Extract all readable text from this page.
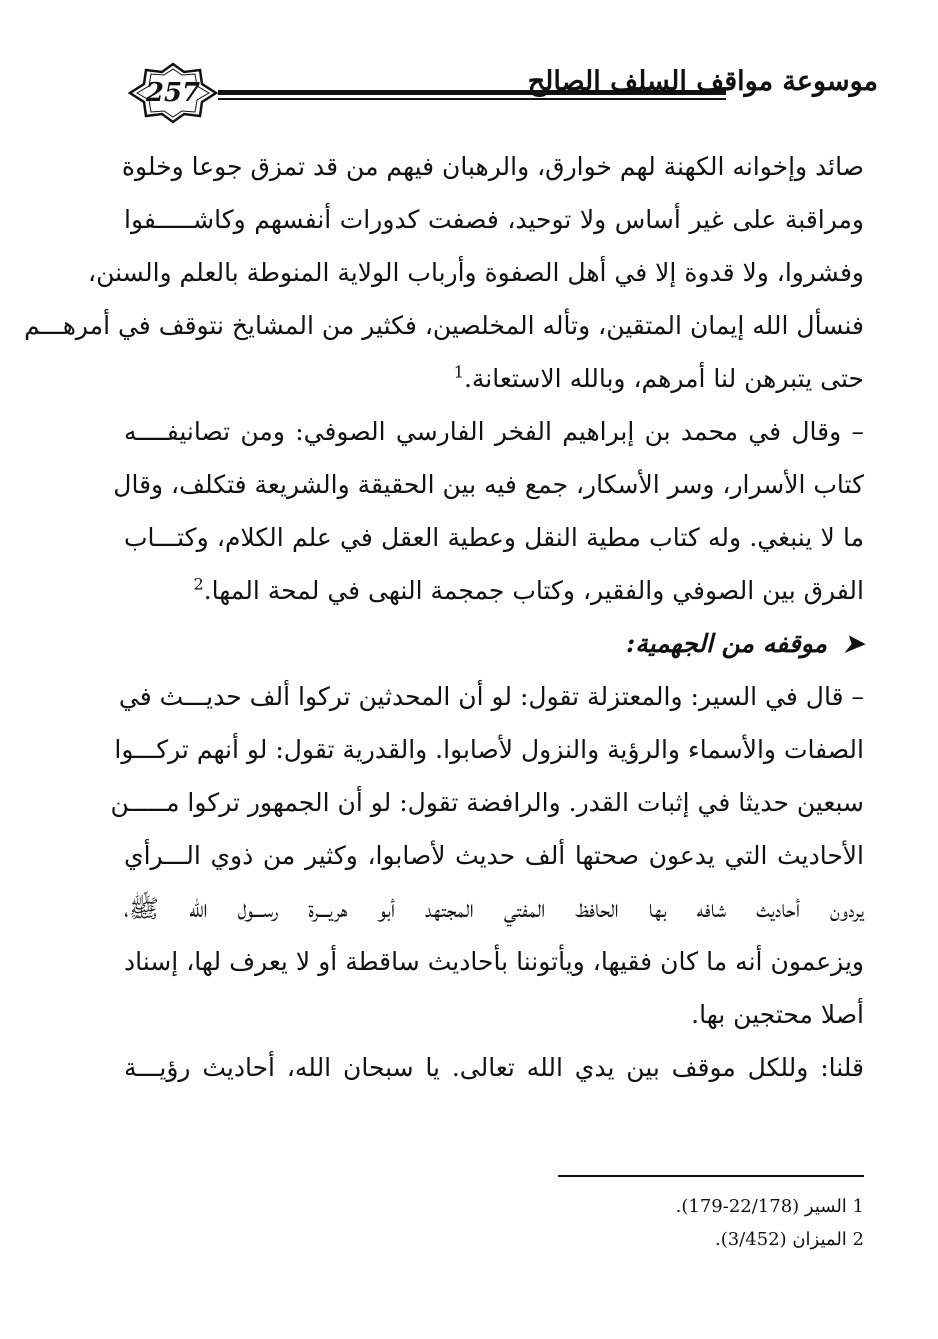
257	موسوعة مواقف السلف الصالح
صائد وإخوانه الكهنة لهم خوارق، والرهبان فيهم من قد تمزق جوعا وخلوة
ومراقبة على غير أساس ولا توحيد، فصفت كدورات أنفسهم وكاشـــــفوا
وفشروا، ولا قدوة إلا في أهل الصفوة وأرباب الولاية المنوطة بالعلم والسنن،
فنسأل الله إيمان المتقين، وتأله المخلصين، فكثير من المشايخ نتوقف في أمرهـــم
حتى يتبرهن لنا أمرهم، وبالله الاستعانة.$^1$
– وقال في محمد بن إبراهيم الفخر الفارسي الصوفي: ومن تصانيفــــه
كتاب الأسرار، وسر الأسكار، جمع فيه بين الحقيقة والشريعة فتكلف، وقال
ما لا ينبغي. وله كتاب مطية النقل وعطية العقل في علم الكلام، وكتـــاب
الفرق بين الصوفي والفقير، وكتاب جمجمة النهى في لمحة المها.$^2$
➤موقفه من الجهمية:
– قال في السير: والمعتزلة تقول: لو أن المحدثين تركوا ألف حديـــث في
الصفات والأسماء والرؤية والنزول لأصابوا. والقدرية تقول: لو أنهم تركـــوا
سبعين حديثا في إثبات القدر. والرافضة تقول: لو أن الجمهور تركوا مـــــن
الأحاديث التي يدعون صحتها ألف حديث لأصابوا، وكثير من ذوي الـــرأي
يردون أحاديث شافه بها الحافظ المفتي المجتهد أبو هريـــرة رســـول الله ﷺ،
ويزعمون أنه ما كان فقيها، ويأتوننا بأحاديث ساقطة أو لا يعرف لها، إسناد
أصلا محتجين بها.
قلنا: وللكل موقف بين يدي الله تعالى. يا سبحان الله، أحاديث رؤيـــة
1 السير (22/178-179).
2 الميزان (3/452).
